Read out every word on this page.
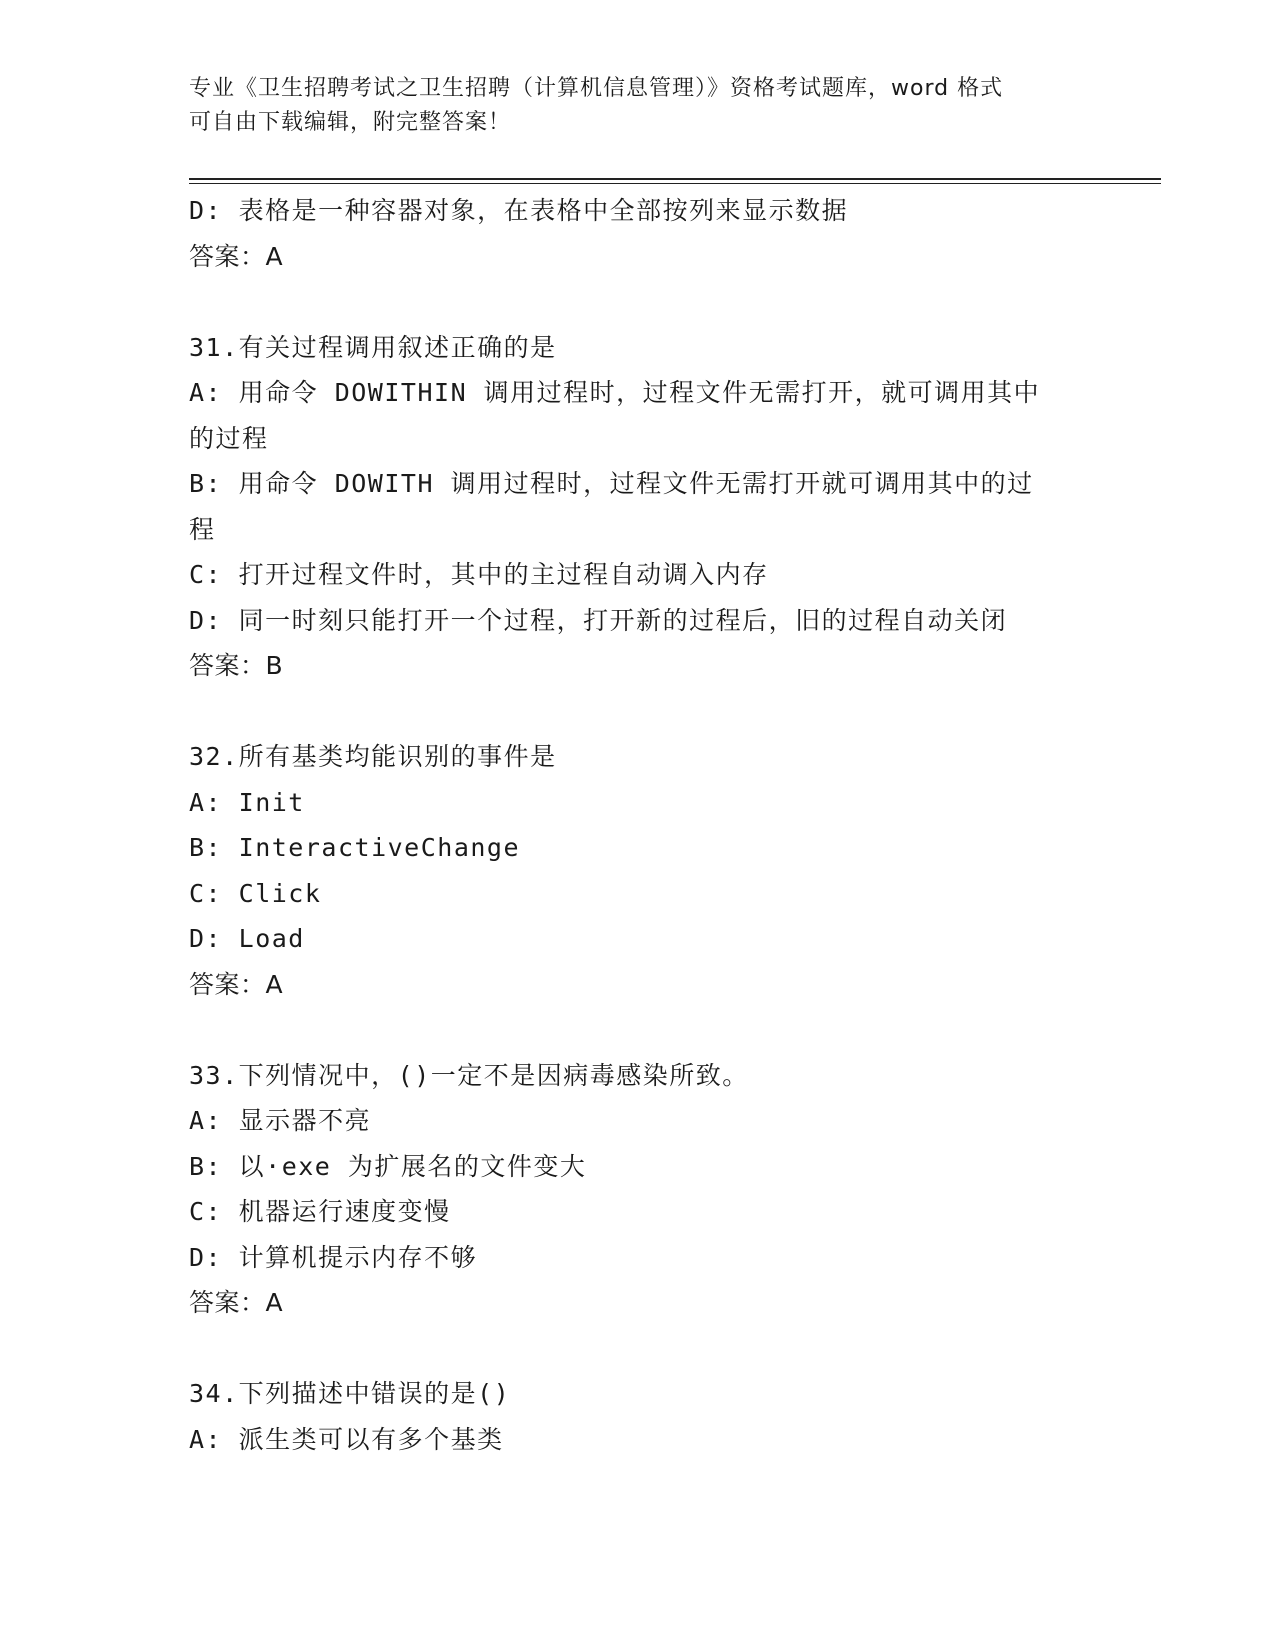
专业《卫生招聘考试之卫生招聘（计算机信息管理）》资格考试题库，word 格式
可自由下载编辑，附完整答案！

D: 表格是一种容器对象，在表格中全部按列来显示数据

答案：A

31.有关过程调用叙述正确的是

A: 用命令 DOWITHIN 调用过程时，过程文件无需打开，就可调用其中

的过程

B: 用命令 DOWITH 调用过程时，过程文件无需打开就可调用其中的过

程

C: 打开过程文件时，其中的主过程自动调入内存

D: 同一时刻只能打开一个过程，打开新的过程后，旧的过程自动关闭

答案：B

32.所有基类均能识别的事件是

A: Init

B: InteractiveChange

C: Click

D: Load

答案：A

33.下列情况中，()一定不是因病毒感染所致。

A: 显示器不亮

B: 以·exe 为扩展名的文件变大

C: 机器运行速度变慢

D: 计算机提示内存不够

答案：A

34.下列描述中错误的是()

A: 派生类可以有多个基类
